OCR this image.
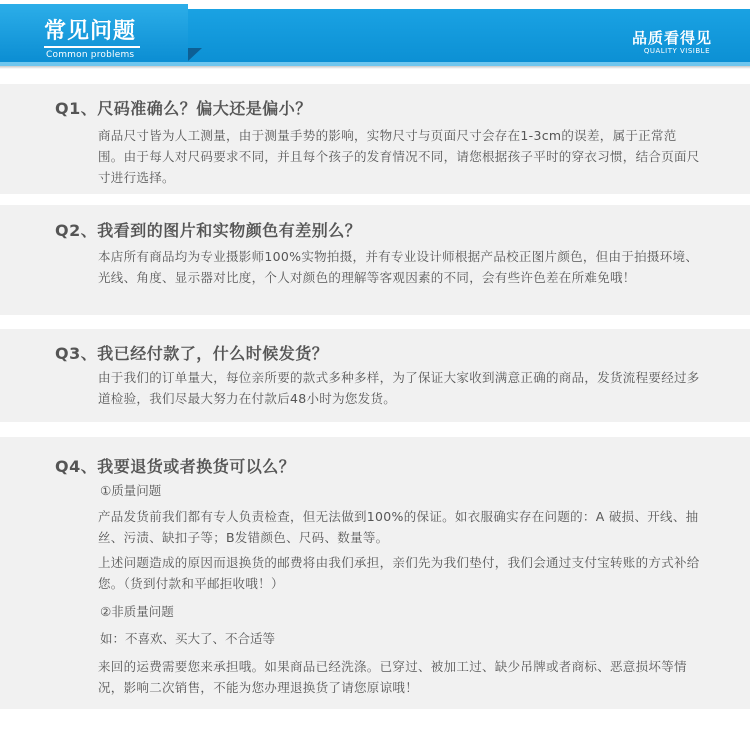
常见问题
Common problems
品质看得见
QUALITY VISIBLE
Q1、尺码准确么？偏大还是偏小？
商品尺寸皆为人工测量，由于测量手势的影响，实物尺寸与页面尺寸会存在1-3cm的误差，属于正常范围。由于每人对尺码要求不同，并且每个孩子的发育情况不同，请您根据孩子平时的穿衣习惯，结合页面尺寸进行选择。
Q2、我看到的图片和实物颜色有差别么？
本店所有商品均为专业摄影师100%实物拍摄，并有专业设计师根据产品校正图片颜色，但由于拍摄环境、光线、角度、显示器对比度，个人对颜色的理解等客观因素的不同，会有些许色差在所难免哦！
Q3、我已经付款了，什么时候发货？
由于我们的订单量大，每位亲所要的款式多种多样，为了保证大家收到满意正确的商品，发货流程要经过多道检验，我们尽最大努力在付款后48小时为您发货。
Q4、我要退货或者换货可以么？
①质量问题
产品发货前我们都有专人负责检查，但无法做到100%的保证。如衣服确实存在问题的：A 破损、开线、抽丝、污渍、缺扣子等；B发错颜色、尺码、数量等。
上述问题造成的原因而退换货的邮费将由我们承担，亲们先为我们垫付，我们会通过支付宝转账的方式补给您。（货到付款和平邮拒收哦！）
②非质量问题
如：不喜欢、买大了、不合适等
来回的运费需要您来承担哦。如果商品已经洗涤。已穿过、被加工过、缺少吊牌或者商标、恶意损坏等情况，影响二次销售，不能为您办理退换货了请您原谅哦！
